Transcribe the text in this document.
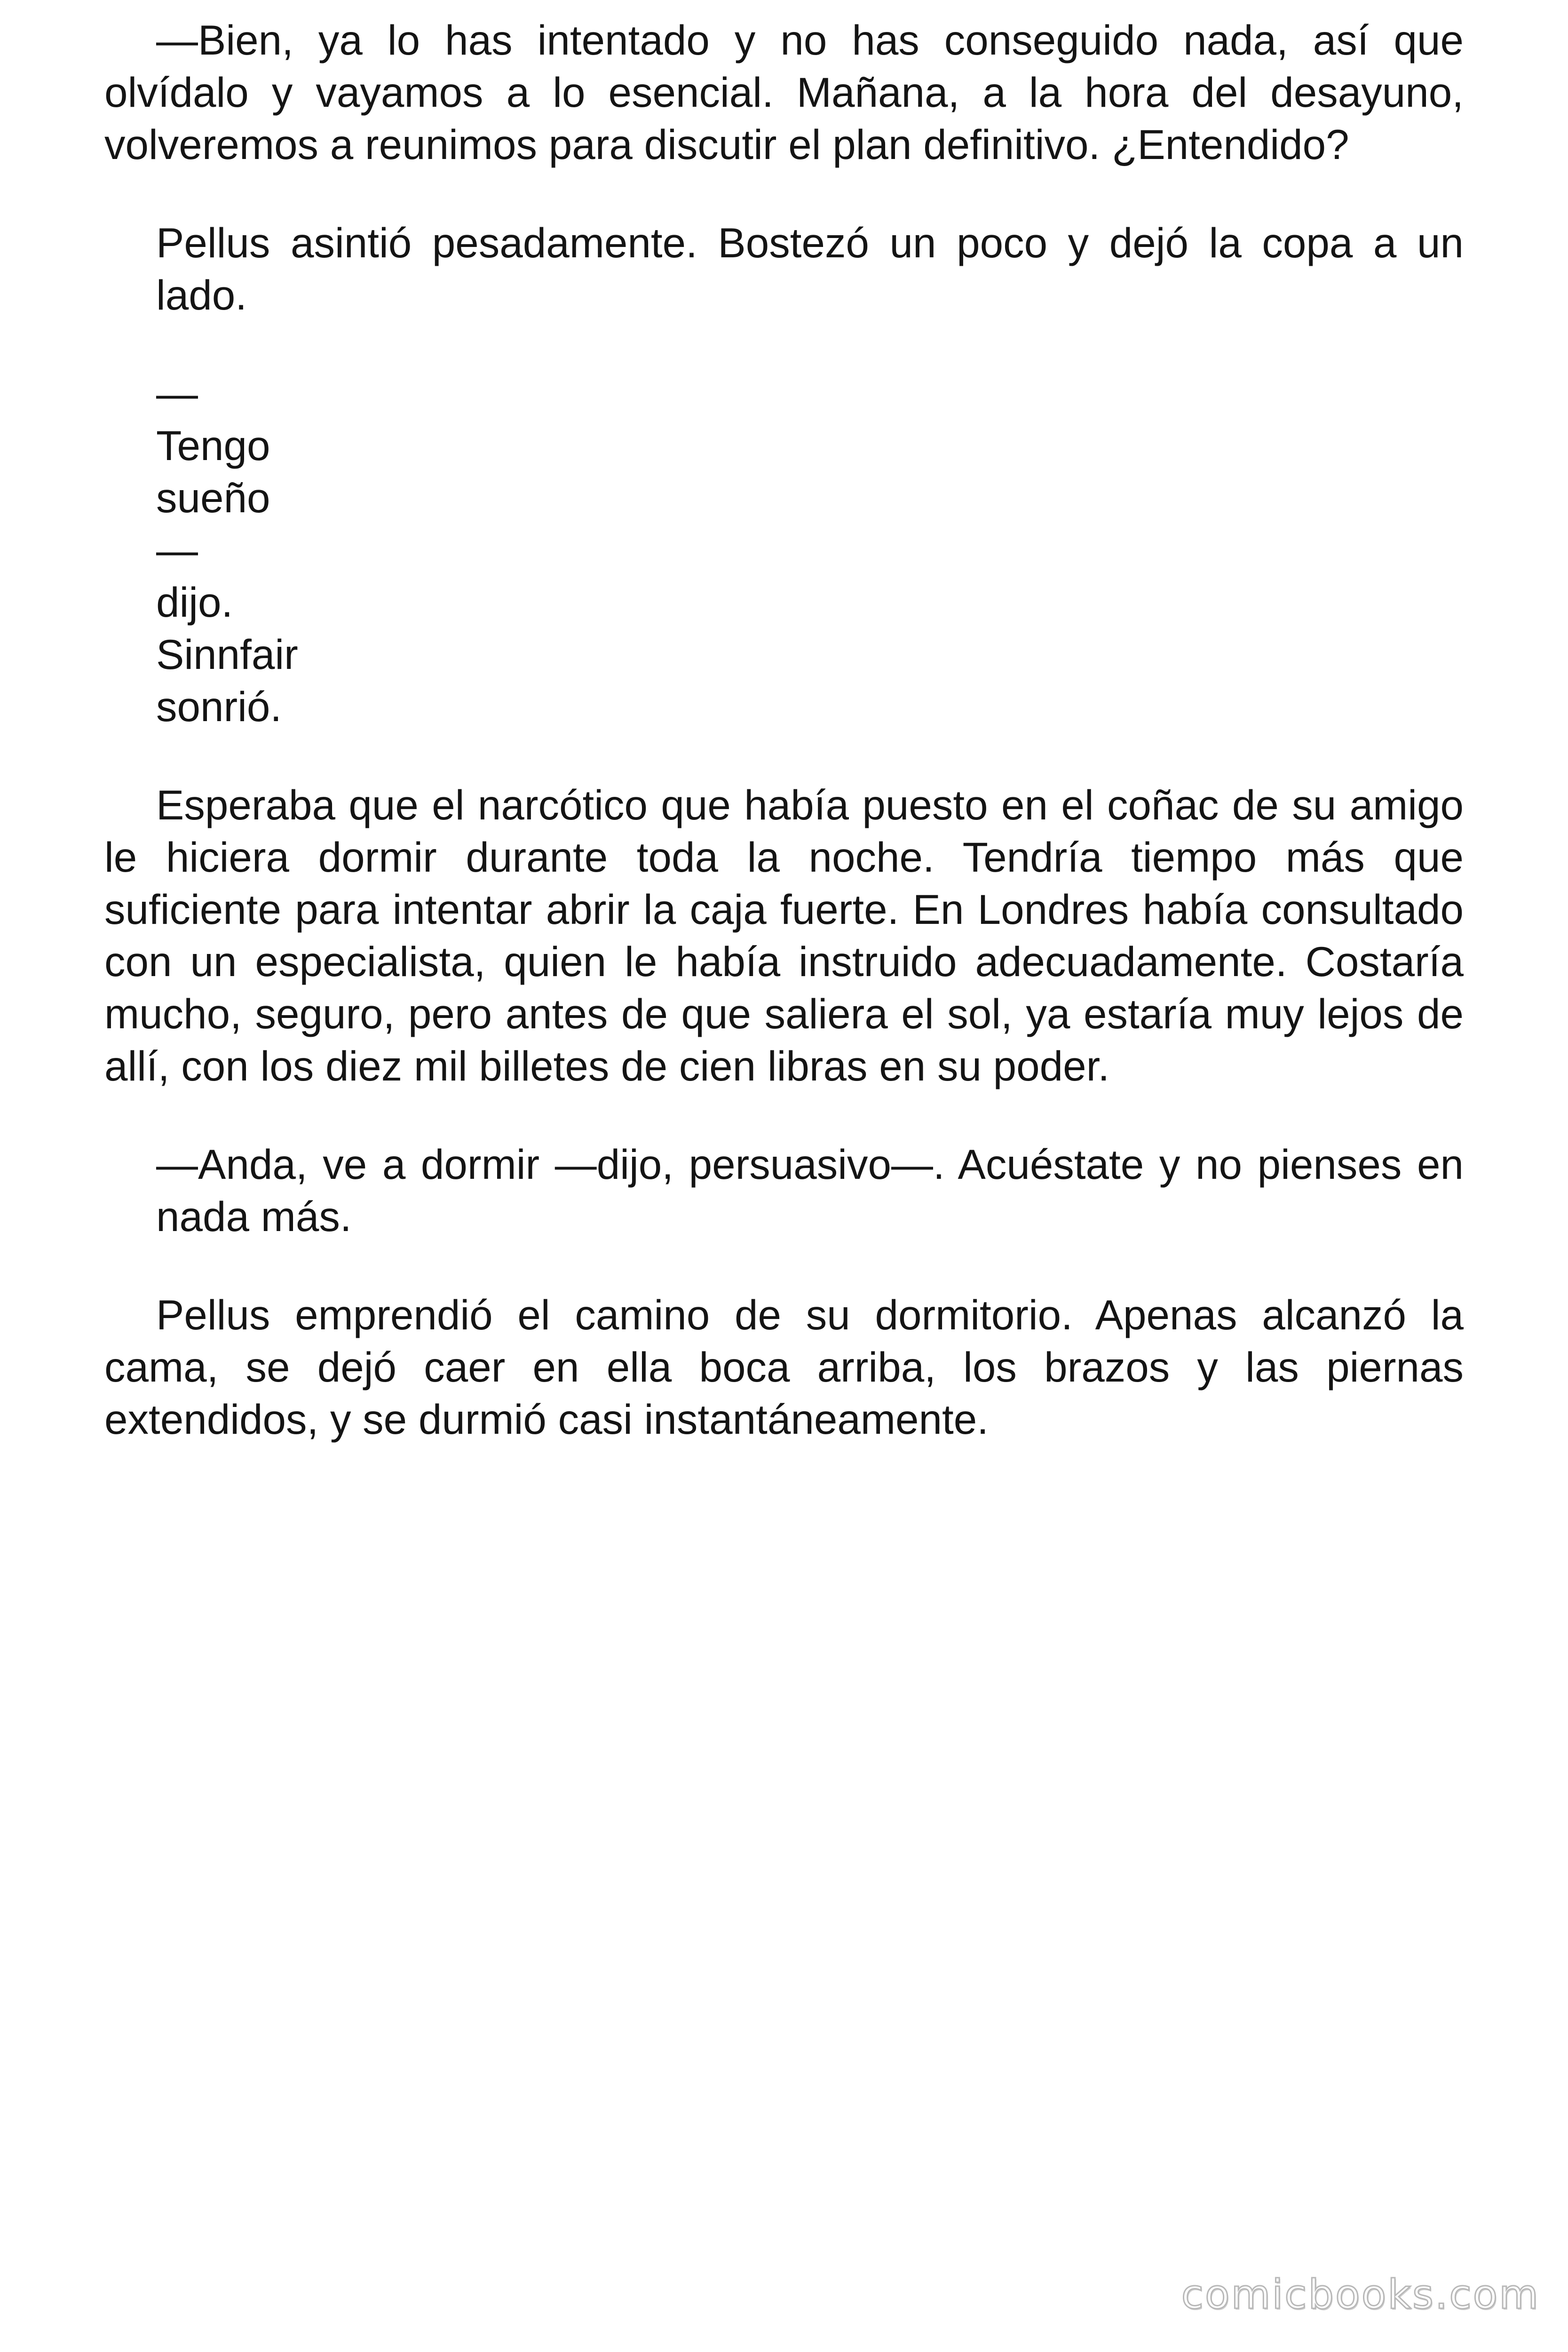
—Bien, ya lo has intentado y no has conseguido nada, así que olvídalo y vayamos a lo esencial. Mañana, a la hora del desayuno, volveremos a reunimos para discutir el plan definitivo. ¿Entendido?

Pellus asintió pesadamente. Bostezó un poco y dejó la copa a un lado.

—
Tengo
sueño
—
dijo.
Sinnfair
sonrió.

Esperaba que el narcótico que había puesto en el coñac de su amigo le hiciera dormir durante toda la noche. Tendría tiempo más que suficiente para intentar abrir la caja fuerte. En Londres había consultado con un especialista, quien le había instruido adecuadamente. Costaría mucho, seguro, pero antes de que saliera el sol, ya estaría muy lejos de allí, con los diez mil billetes de cien libras en su poder.

—Anda, ve a dormir —dijo, persuasivo—. Acuéstate y no pienses en nada más.

Pellus emprendió el camino de su dormitorio. Apenas alcanzó la cama, se dejó caer en ella boca arriba, los brazos y las piernas extendidos, y se durmió casi instantáneamente.

comicbooks.com
